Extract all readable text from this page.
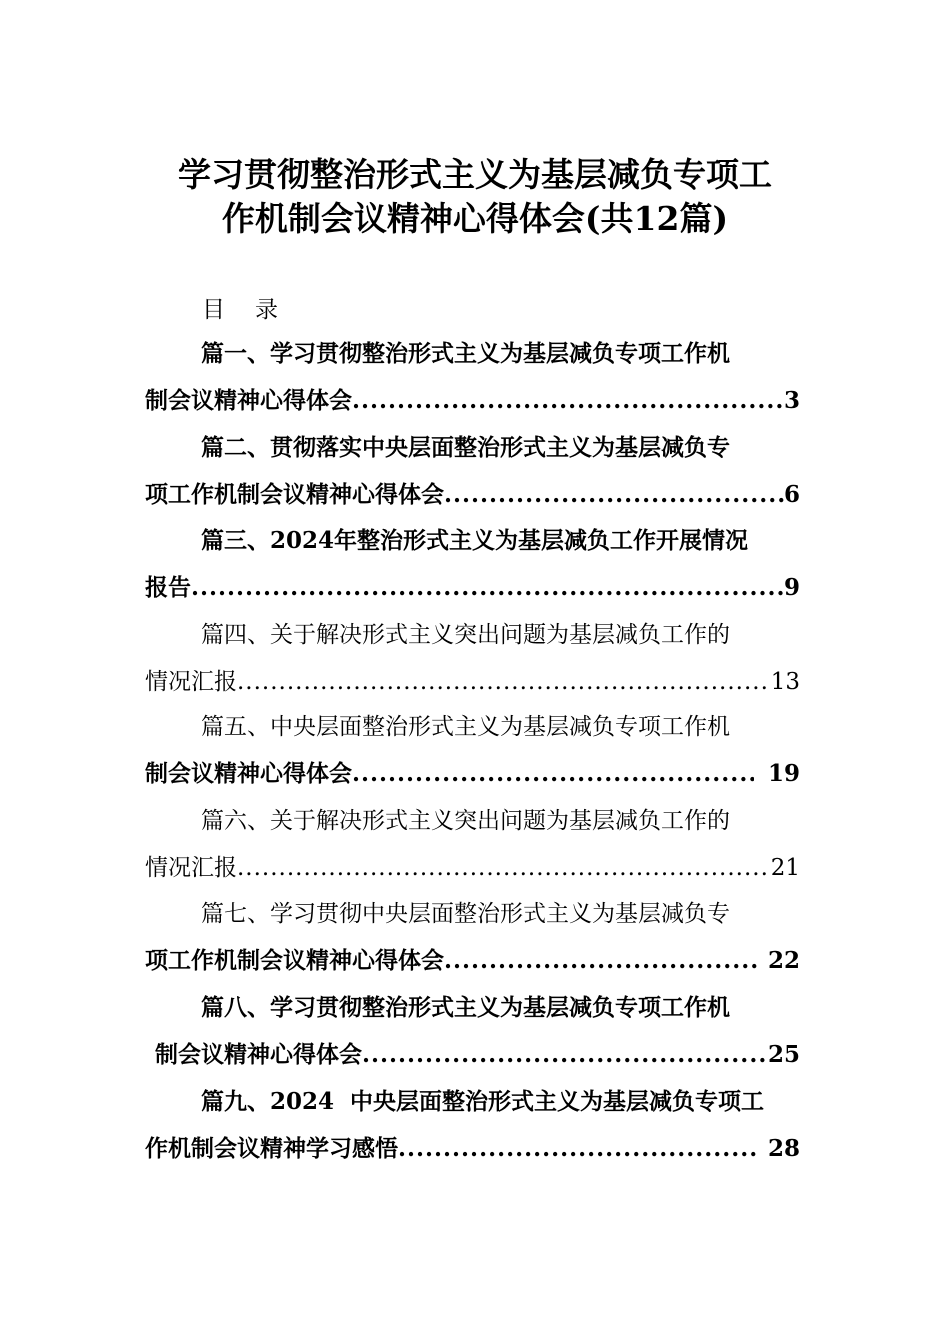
学习贯彻整治形式主义为基层减负专项工
作机制会议精神心得体会(共12篇)
目 录
篇一、学习贯彻整治形式主义为基层减负专项工作机
制会议精神心得体会 .....	3
篇二、贯彻落实中央层面整治形式主义为基层减负专
项工作机制会议精神心得体会 .....	6
篇三、2024年整治形式主义为基层减负工作开展情况
报告 .....	9
篇四、关于解决形式主义突出问题为基层减负工作的
情况汇报 .....	13
篇五、中央层面整治形式主义为基层减负专项工作机
制会议精神心得体会 .....	19
篇六、关于解决形式主义突出问题为基层减负工作的
情况汇报 .....	21
篇七、学习贯彻中央层面整治形式主义为基层减负专
项工作机制会议精神心得体会 .....	22
篇八、学习贯彻整治形式主义为基层减负专项工作机
制会议精神心得体会 .....	25
篇九、2024  中央层面整治形式主义为基层减负专项工
作机制会议精神学习感悟 .....	28
